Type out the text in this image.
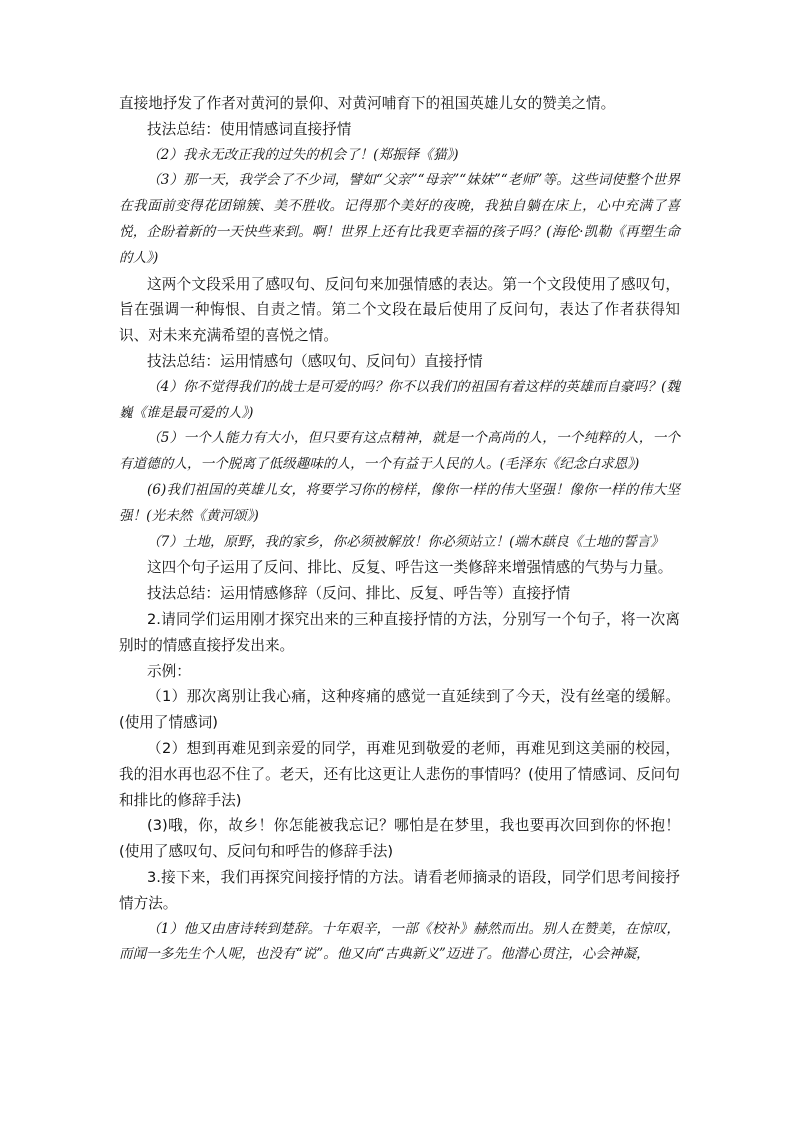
直接地抒发了作者对黄河的景仰、对黄河哺育下的祖国英雄儿女的赞美之情。

技法总结：使用情感词直接抒情

（2）我永无改正我的过失的机会了！(郑振铎《猫》)

（3）那一天，我学会了不少词，譬如“父亲”“母亲”“妹妹”“老师”等。这些词使整个世界在我面前变得花团锦簇、美不胜收。记得那个美好的夜晚，我独自躺在床上，心中充满了喜悦，企盼着新的一天快些来到。啊！世界上还有比我更幸福的孩子吗？(海伦·凯勒《再塑生命的人》)

这两个文段采用了感叹句、反问句来加强情感的表达。第一个文段使用了感叹句，旨在强调一种悔恨、自责之情。第二个文段在最后使用了反问句，表达了作者获得知识、对未来充满希望的喜悦之情。

技法总结：运用情感句（感叹句、反问句）直接抒情

（4）你不觉得我们的战士是可爱的吗？你不以我们的祖国有着这样的英雄而自豪吗？(魏巍《谁是最可爱的人》)

（5）一个人能力有大小，但只要有这点精神，就是一个高尚的人，一个纯粹的人，一个有道德的人，一个脱离了低级趣味的人，一个有益于人民的人。(毛泽东《纪念白求恩》)

(6)我们祖国的英雄儿女，将要学习你的榜样，像你一样的伟大坚强！像你一样的伟大坚强！(光未然《黄河颂》)

（7）土地，原野，我的家乡，你必须被解放！你必须站立！(端木蕻良《土地的誓言》

这四个句子运用了反问、排比、反复、呼告这一类修辞来增强情感的气势与力量。

技法总结：运用情感修辞（反问、排比、反复、呼告等）直接抒情

2.请同学们运用刚才探究出来的三种直接抒情的方法，分别写一个句子，将一次离别时的情感直接抒发出来。

示例：

（1）那次离别让我心痛，这种疼痛的感觉一直延续到了今天，没有丝毫的缓解。(使用了情感词)

（2）想到再难见到亲爱的同学，再难见到敬爱的老师，再难见到这美丽的校园，我的泪水再也忍不住了。老天，还有比这更让人悲伤的事情吗？(使用了情感词、反问句和排比的修辞手法)

(3)哦，你，故乡！你怎能被我忘记？哪怕是在梦里，我也要再次回到你的怀抱！(使用了感叹句、反问句和呼告的修辞手法)

3.接下来，我们再探究间接抒情的方法。请看老师摘录的语段，同学们思考间接抒情方法。

（1）他又由唐诗转到楚辞。十年艰辛，一部《校补》赫然而出。别人在赞美，在惊叹，而闻一多先生个人呢，也没有“说”。他又向“古典新义”迈进了。他潜心贯注，心会神凝，
